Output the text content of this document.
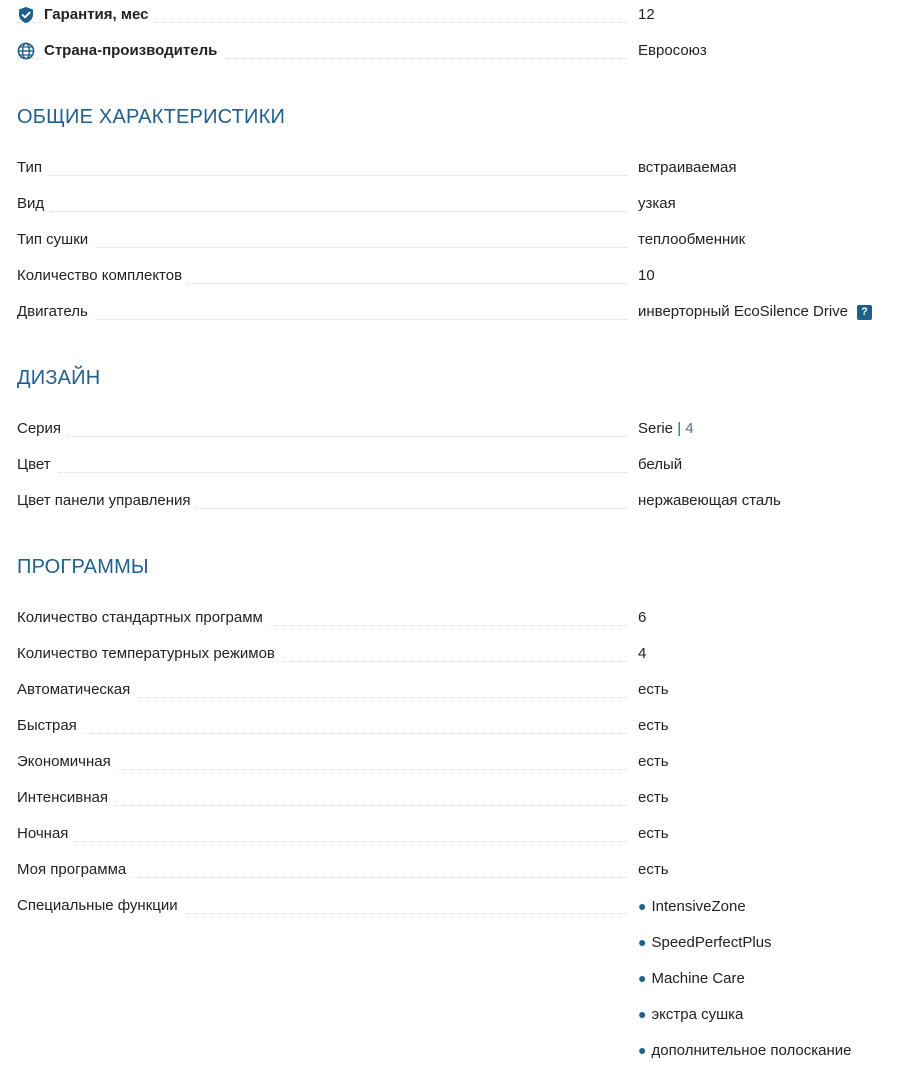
Гарантия, мес	12
Страна-производитель	Евросоюз
ОБЩИЕ ХАРАКТЕРИСТИКИ
Тип	встраиваемая
Вид	узкая
Тип сушки	теплообменник
Количество комплектов	10
Двигатель	инверторный EcoSilence Drive ?
ДИЗАЙН
Серия	Serie | 4
Цвет	белый
Цвет панели управления	нержавеющая сталь
ПРОГРАММЫ
Количество стандартных программ	6
Количество температурных режимов	4
Автоматическая	есть
Быстрая	есть
Экономичная	есть
Интенсивная	есть
Ночная	есть
Моя программа	есть
Специальные функции	● IntensiveZone
● SpeedPerfectPlus
● Machine Care
● экстра сушка
● дополнительное полоскание
